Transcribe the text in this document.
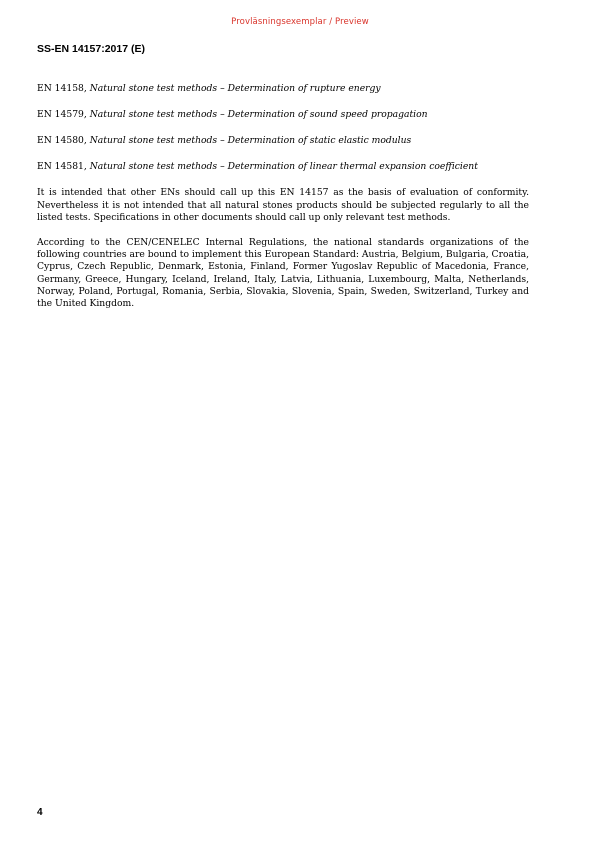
Provläsningsexemplar / Preview
SS-EN 14157:2017 (E)

EN 14158, Natural stone test methods – Determination of rupture energy

EN 14579, Natural stone test methods – Determination of sound speed propagation

EN 14580, Natural stone test methods – Determination of static elastic modulus

EN 14581, Natural stone test methods – Determination of linear thermal expansion coefficient

It is intended that other ENs should call up this EN 14157 as the basis of evaluation of conformity. Nevertheless it is not intended that all natural stones products should be subjected regularly to all the listed tests. Specifications in other documents should call up only relevant test methods.

According to the CEN/CENELEC Internal Regulations, the national standards organizations of the following countries are bound to implement this European Standard: Austria, Belgium, Bulgaria, Croatia, Cyprus, Czech Republic, Denmark, Estonia, Finland, Former Yugoslav Republic of Macedonia, France, Germany, Greece, Hungary, Iceland, Ireland, Italy, Latvia, Lithuania, Luxembourg, Malta, Netherlands, Norway, Poland, Portugal, Romania, Serbia, Slovakia, Slovenia, Spain, Sweden, Switzerland, Turkey and the United Kingdom.

4
